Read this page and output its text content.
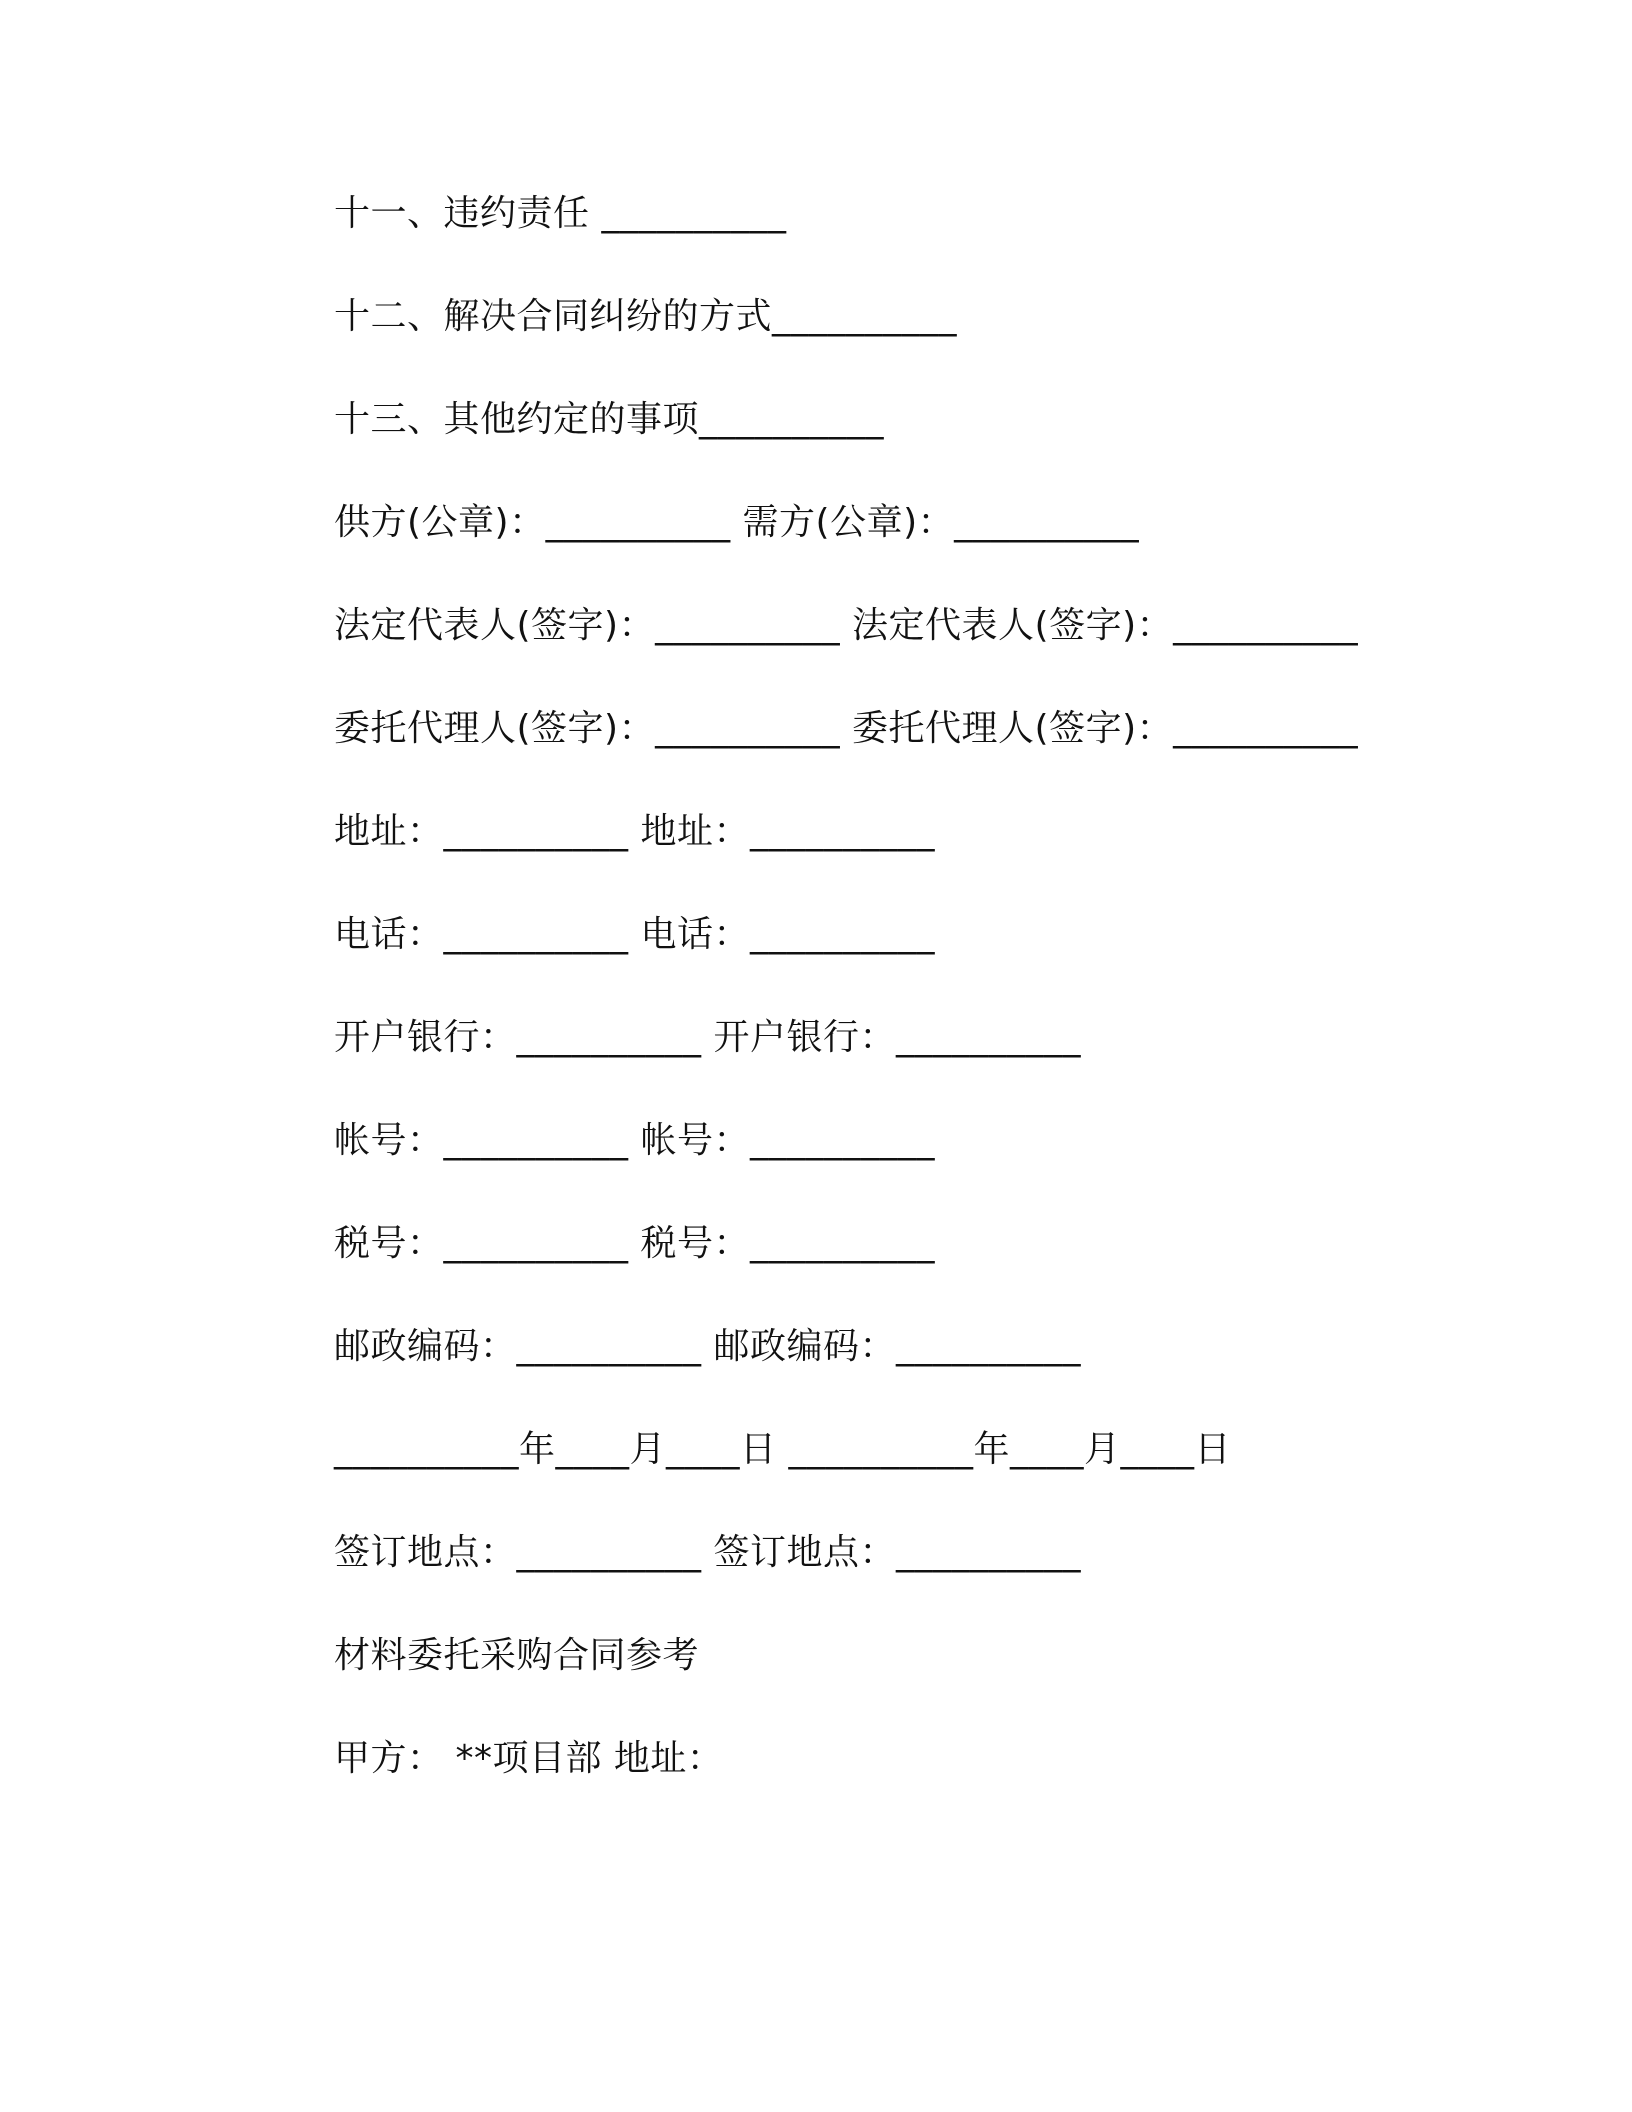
十一、违约责任 __________
十二、解决合同纠纷的方式__________
十三、其他约定的事项__________
供方(公章)：__________ 需方(公章)：__________
法定代表人(签字)：__________ 法定代表人(签字)：__________
委托代理人(签字)：__________ 委托代理人(签字)：__________
地址：__________ 地址：__________
电话：__________ 电话：__________
开户银行：__________ 开户银行：__________
帐号：__________ 帐号：__________
税号：__________ 税号：__________
邮政编码：__________ 邮政编码：__________
__________年____月____日 __________年____月____日
签订地点：__________ 签订地点：__________
材料委托采购合同参考
甲方： **项目部 地址：
